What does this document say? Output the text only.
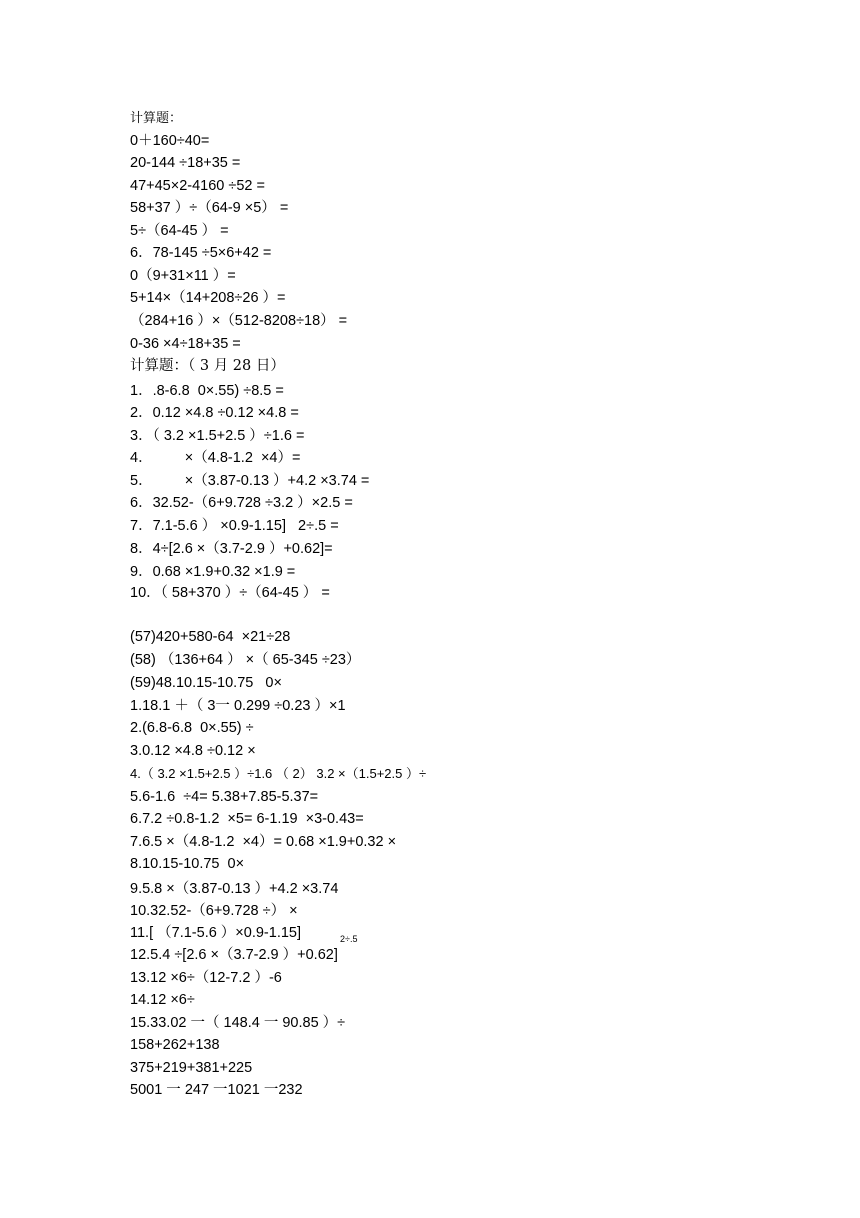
计算题：
0＋160÷40=
20-144 ÷18+35 =
47+45×2-4160 ÷52 =
58+37 ）÷（64-9 ×5） =
5÷（64-45 ） =
6．78-145 ÷5×6+42 =
0（9+31×11 ）=
5+14×（14+208÷26 ）=
（284+16 ）×（512-8208÷18） =
0-36 ×4÷18+35 =
计算题：（ 3 月 28 日）
1．.8-6.8  0×.55) ÷8.5 =
2．0.12 ×4.8 ÷0.12 ×4.8 =
3．（ 3.2 ×1.5+2.5 ）÷1.6 =
4．        ×（4.8-1.2  ×4）=
5．        ×（3.87-0.13 ）+4.2 ×3.74 =
6．32.52-（6+9.728 ÷3.2 ）×2.5 =
7．7.1-5.6 ） ×0.9-1.15]   2÷.5 =
8．4÷[2.6 ×（3.7-2.9 ）+0.62]=
9．0.68 ×1.9+0.32 ×1.9 =
10．（ 58+370 ）÷（64-45 ） =
(57)420+580-64  ×21÷28
(58) （136+64 ） ×（ 65-345 ÷23）
(59)48.10.15-10.75   0×
1.18.1 ＋（ 3一 0.299 ÷0.23 ）×1
2.(6.8-6.8  0×.55) ÷
3.0.12 ×4.8 ÷0.12 ×
4.（ 3.2 ×1.5+2.5 ）÷1.6 （ 2） 3.2 ×（1.5+2.5 ）÷
5.6-1.6  ÷4= 5.38+7.85-5.37=
6.7.2 ÷0.8-1.2  ×5= 6-1.19  ×3-0.43=
7.6.5 ×（4.8-1.2  ×4）= 0.68 ×1.9+0.32 ×
8.10.15-10.75  0×
9.5.8 ×（3.87-0.13 ）+4.2 ×3.74
10.32.52-（6+9.728 ÷） ×
11.[ （7.1-5.6 ）×0.9-1.15]	2÷.5
12.5.4 ÷[2.6 ×（3.7-2.9 ）+0.62]
13.12 ×6÷（12-7.2 ）-6
14.12 ×6÷
15.33.02 一（ 148.4 一 90.85 ）÷
158+262+138
375+219+381+225
5001 一 247 一1021 一232
